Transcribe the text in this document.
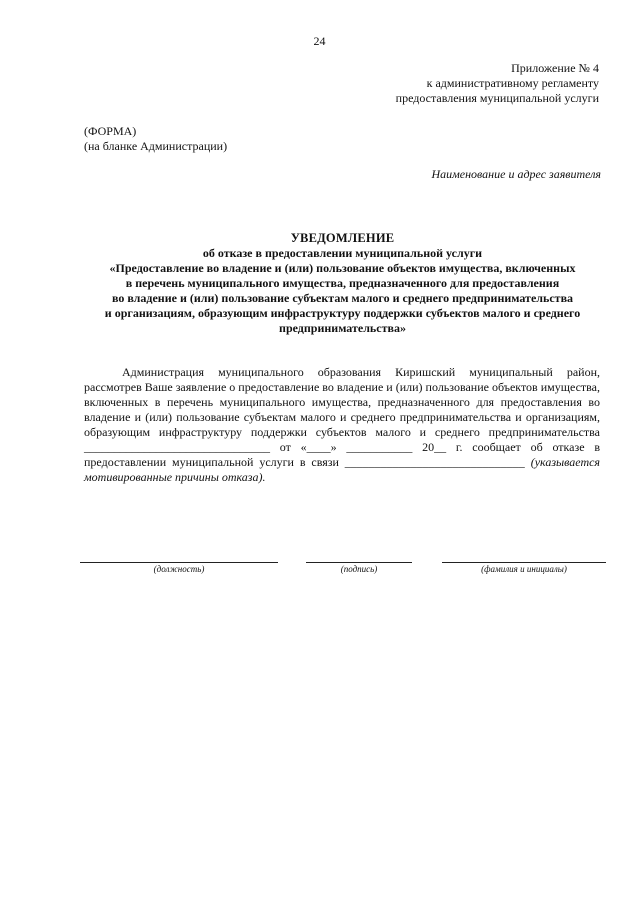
24
Приложение № 4
к административному регламенту
предоставления муниципальной услуги
(ФОРМА)
(на бланке Администрации)
Наименование и адрес заявителя
УВЕДОМЛЕНИЕ
об отказе в предоставлении муниципальной услуги
«Предоставление во владение и (или) пользование объектов имущества, включенных
в перечень муниципального имущества, предназначенного для предоставления
во владение и (или) пользование субъектам малого и среднего предпринимательства
и организациям, образующим инфраструктуру поддержки субъектов малого и среднего
предпринимательства»

Администрация муниципального образования Киришский муниципальный район, рассмотрев Ваше заявление о предоставление во владение и (или) пользование объектов имущества, включенных в перечень муниципального имущества, предназначенного для предоставления во владение и (или) пользование субъектам малого и среднего предпринимательства и организациям, образующим инфраструктуру поддержки субъектов малого и среднего предпринимательства _______________________________ от «____» ___________ 20__ г. сообщает об отказе в предоставлении муниципальной услуги в связи ______________________________ (указывается мотивированные причины отказа).

(должность)	(подпись)	(фамилия и инициалы)
